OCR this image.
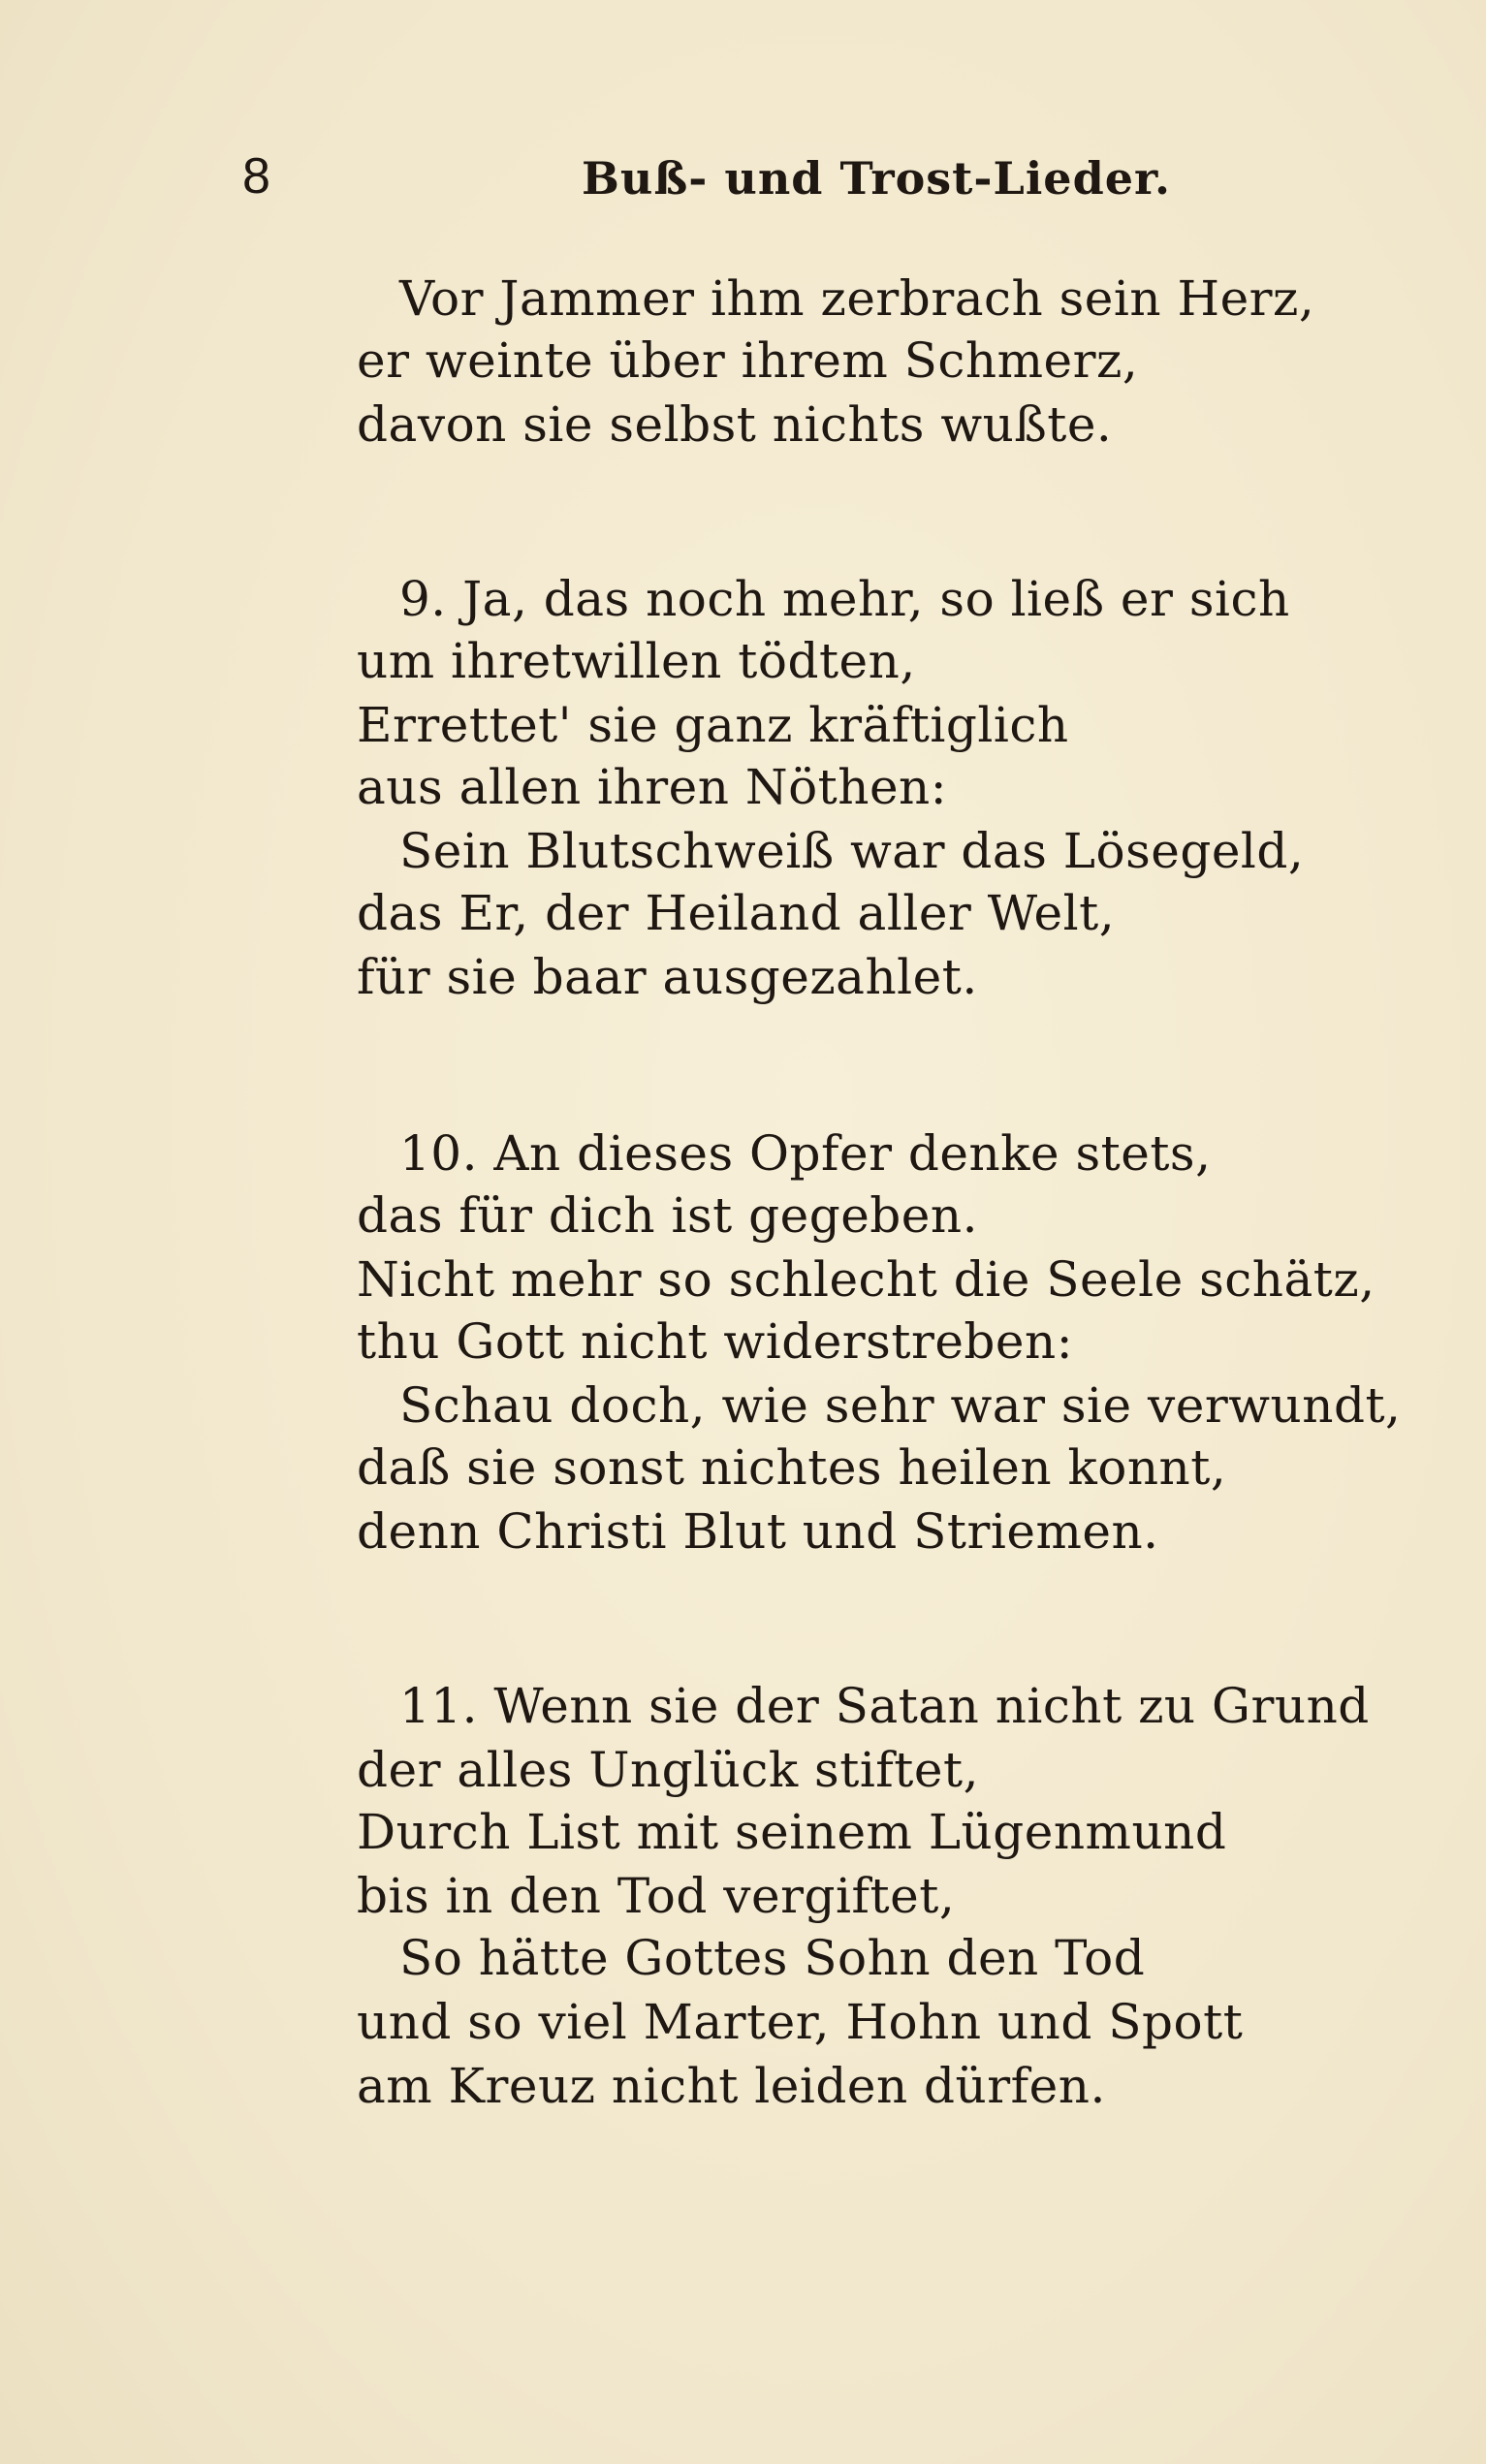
8	Buß- und Trost-Lieder.
Vor Jammer ihm zerbrach sein Herz,
er weinte über ihrem Schmerz,
davon sie selbst nichts wußte.
9. Ja, das noch mehr, so ließ er sich
um ihretwillen tödten,
Errettet' sie ganz kräftiglich
aus allen ihren Nöthen:
Sein Blutschweiß war das Lösegeld,
das Er, der Heiland aller Welt,
für sie baar ausgezahlet.
10. An dieses Opfer denke stets,
das für dich ist gegeben.
Nicht mehr so schlecht die Seele schätz,
thu Gott nicht widerstreben:
Schau doch, wie sehr war sie verwundt,
daß sie sonst nichtes heilen konnt,
denn Christi Blut und Striemen.
11. Wenn sie der Satan nicht zu Grund
der alles Unglück stiftet,
Durch List mit seinem Lügenmund
bis in den Tod vergiftet,
So hätte Gottes Sohn den Tod
und so viel Marter, Hohn und Spott
am Kreuz nicht leiden dürfen.
